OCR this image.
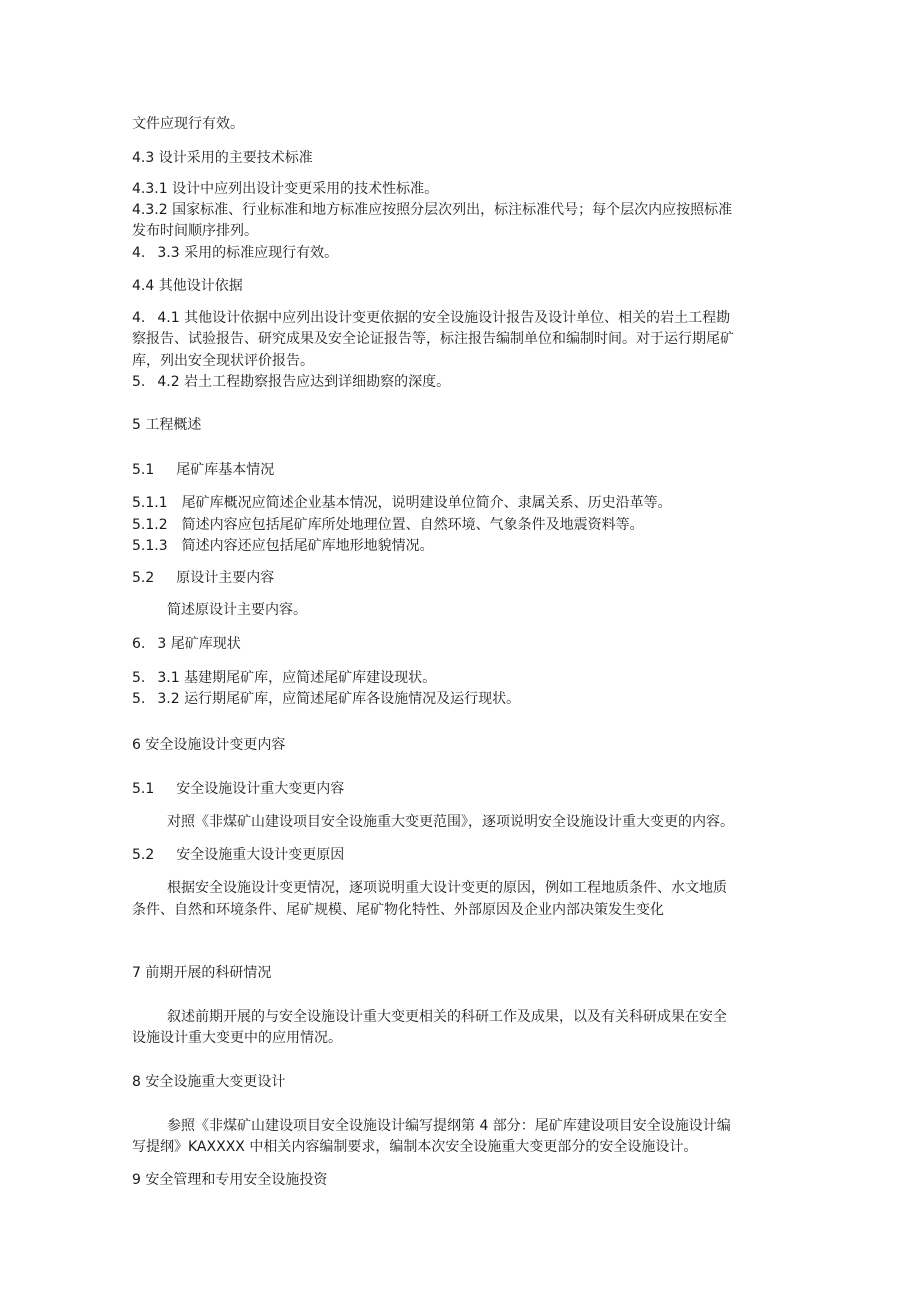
文件应现行有效。
4.3 设计采用的主要技术标准
4.3.1 设计中应列出设计变更采用的技术性标准。
4.3.2 国家标准、行业标准和地方标准应按照分层次列出，标注标准代号；每个层次内应按照标准
发布时间顺序排列。
4. 3.3 采用的标准应现行有效。
4.4 其他设计依据
4. 4.1 其他设计依据中应列出设计变更依据的安全设施设计报告及设计单位、相关的岩土工程勘
察报告、试验报告、研究成果及安全论证报告等，标注报告编制单位和编制时间。对于运行期尾矿
库，列出安全现状评价报告。
5. 4.2 岩土工程勘察报告应达到详细勘察的深度。
5 工程概述
5.1 尾矿库基本情况
5.1.1 尾矿库概况应简述企业基本情况，说明建设单位简介、隶属关系、历史沿革等。
5.1.2 简述内容应包括尾矿库所处地理位置、自然环境、气象条件及地震资料等。
5.1.3 简述内容还应包括尾矿库地形地貌情况。
5.2 原设计主要内容
简述原设计主要内容。
6. 3 尾矿库现状
5. 3.1 基建期尾矿库，应简述尾矿库建设现状。
5. 3.2 运行期尾矿库，应简述尾矿库各设施情况及运行现状。
6 安全设施设计变更内容
5.1 安全设施设计重大变更内容
对照《非煤矿山建设项目安全设施重大变更范围》，逐项说明安全设施设计重大变更的内容。
5.2 安全设施重大设计变更原因
根据安全设施设计变更情况，逐项说明重大设计变更的原因，例如工程地质条件、水文地质
条件、自然和环境条件、尾矿规模、尾矿物化特性、外部原因及企业内部决策发生变化
7 前期开展的科研情况
叙述前期开展的与安全设施设计重大变更相关的科研工作及成果，以及有关科研成果在安全
设施设计重大变更中的应用情况。
8 安全设施重大变更设计
参照《非煤矿山建设项目安全设施设计编写提纲第 4 部分：尾矿库建设项目安全设施设计编
写提纲》KAXXXX 中相关内容编制要求，编制本次安全设施重大变更部分的安全设施设计。
9 安全管理和专用安全设施投资
